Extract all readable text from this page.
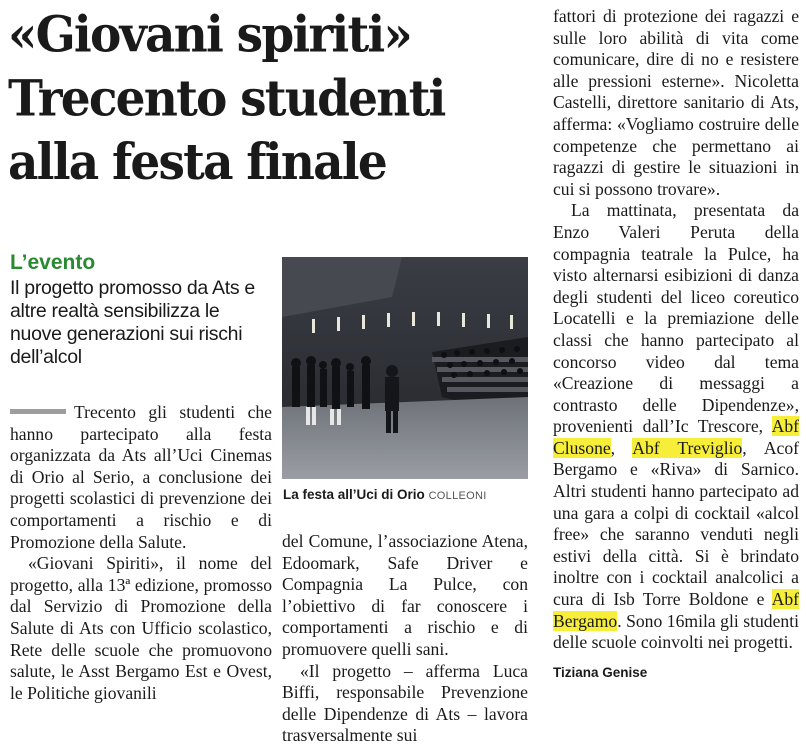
«Giovani spiriti»
Trecento studenti
alla festa finale
L’evento
Il progetto promosso da Ats e altre realtà sensibilizza le nuove generazioni sui rischi dell’alcol

Trecento gli studenti che hanno partecipato alla festa organizzata da Ats all’Uci Cinemas di Orio al Serio, a conclusione dei progetti scolastici di prevenzione dei comportamenti a rischio e di Promozione della Salute.

«Giovani Spiriti», il nome del progetto, alla 13ª edizione, promosso dal Servizio di Promozione della Salute di Ats con Ufficio scolastico, Rete delle scuole che promuovono salute, le Asst Bergamo Est e Ovest, le Politiche giovanili

La festa all’Uci di Orio COLLEONI

del Comune, l’associazione Atena, Edoomark, Safe Driver e Compagnia La Pulce, con l’obiettivo di far conoscere i comportamenti a rischio e di promuovere quelli sani.

«Il progetto – afferma Luca Biffi, responsabile Prevenzione delle Dipendenze di Ats – lavora trasversalmente sui

fattori di protezione dei ragazzi e sulle loro abilità di vita come comunicare, dire di no e resistere alle pressioni esterne». Nicoletta Castelli, direttore sanitario di Ats, afferma: «Vogliamo costruire delle competenze che permettano ai ragazzi di gestire le situazioni in cui si possono trovare».

La mattinata, presentata da Enzo Valeri Peruta della compagnia teatrale la Pulce, ha visto alternarsi esibizioni di danza degli studenti del liceo coreutico Locatelli e la premiazione delle classi che hanno partecipato al concorso video dal tema «Creazione di messaggi a contrasto delle Dipendenze», provenienti dall’Ic Trescore, Abf Clusone, Abf Treviglio, Acof Bergamo e «Riva» di Sarnico. Altri studenti hanno partecipato ad una gara a colpi di cocktail «alcol free» che saranno venduti negli estivi della città. Si è brindato inoltre con i cocktail analcolici a cura di Isb Torre Boldone e Abf Bergamo. Sono 16mila gli studenti delle scuole coinvolti nei progetti.

Tiziana Genise
